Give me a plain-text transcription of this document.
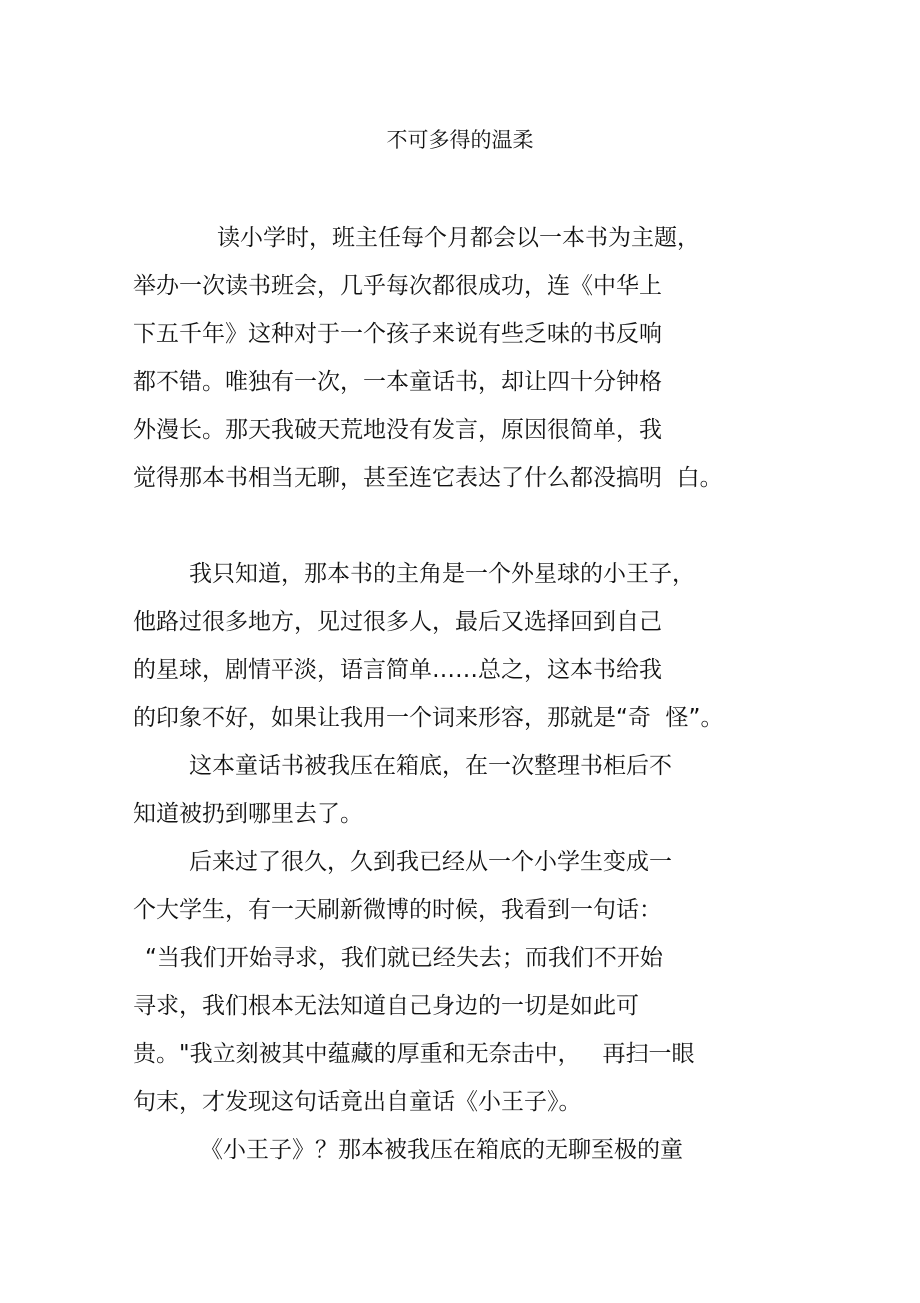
不可多得的温柔
读小学时，班主任每个月都会以一本书为主题，
举办一次读书班会，几乎每次都很成功，连《中华上
下五千年》这种对于一个孩子来说有些乏味的书反响
都不错。唯独有一次，一本童话书，却让四十分钟格
外漫长。那天我破天荒地没有发言，原因很简单，我
觉得那本书相当无聊，甚至连它表达了什么都没搞明  白。
我只知道，那本书的主角是一个外星球的小王子，
他路过很多地方，见过很多人，最后又选择回到自己
的星球，剧情平淡，语言简单……总之，这本书给我
的印象不好，如果让我用一个词来形容，那就是“奇  怪”。
这本童话书被我压在箱底，在一次整理书柜后不
知道被扔到哪里去了。
后来过了很久，久到我已经从一个小学生变成一
个大学生，有一天刷新微博的时候，我看到一句话：
“当我们开始寻求，我们就已经失去；而我们不开始
寻求，我们根本无法知道自己身边的一切是如此可
贵。"我立刻被其中蕴藏的厚重和无奈击中，   再扫一眼
句末，才发现这句话竟出自童话《小王子》。
《小王子》？那本被我压在箱底的无聊至极的童
